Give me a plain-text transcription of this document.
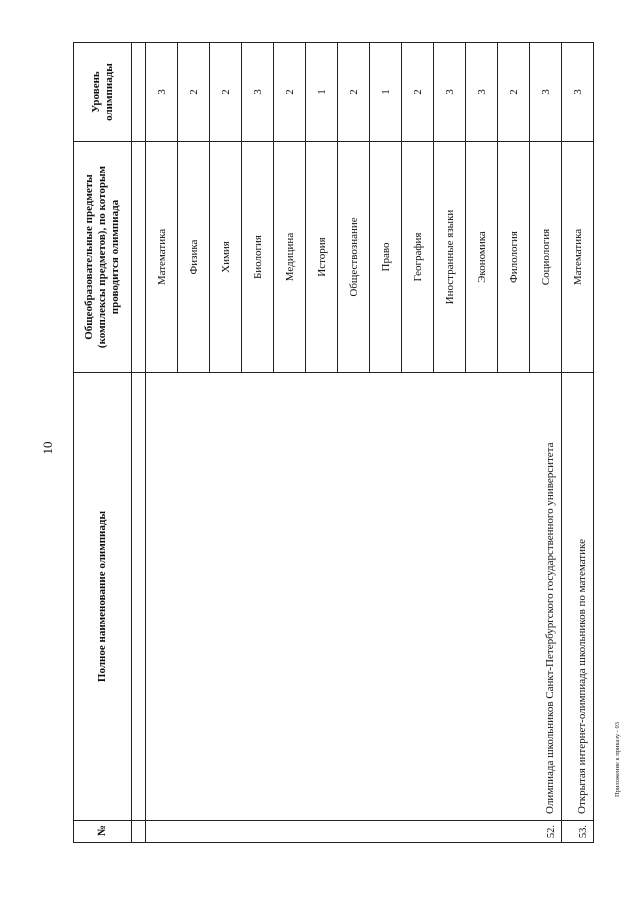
10
Приложение к приказу - 03
№	Полное наименование олимпиады	Общеобразовательные предметы (комплексы предметов), по которым проводится олимпиада	Уровень олимпиады

52.	Олимпиада школьников Санкт-Петербургского государственного университета	Математика	3
		Физика	2
		Химия	2
		Биология	3
		Медицина	2
		История	1
		Обществознание	2
		Право	1
		География	2
		Иностранные языки	3
		Экономика	3
		Филология	2
		Социология	3
53.	Открытая интернет-олимпиада школьников по математике	Математика	3
